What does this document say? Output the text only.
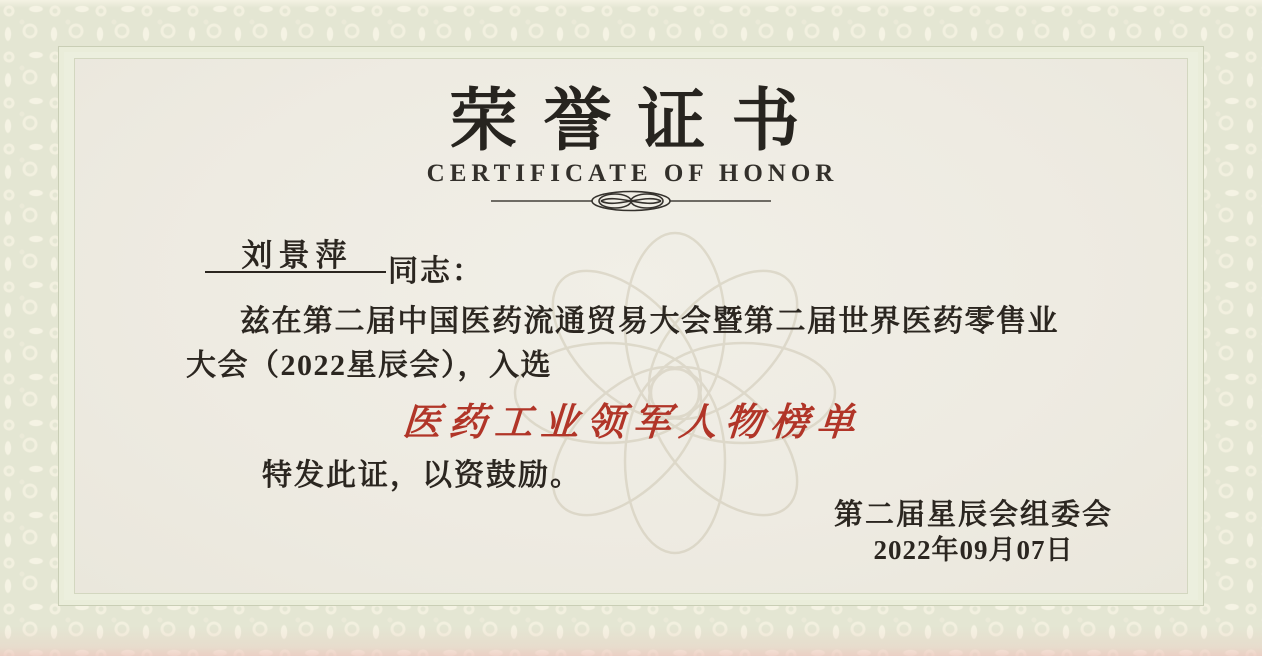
荣誉证书
CERTIFICATE OF HONOR
刘景萍	同志：
兹在第二届中国医药流通贸易大会暨第二届世界医药零售业
大会（2022星辰会），入选
医药工业领军人物榜单
特发此证，以资鼓励。
第二届星辰会组委会
2022年09月07日
